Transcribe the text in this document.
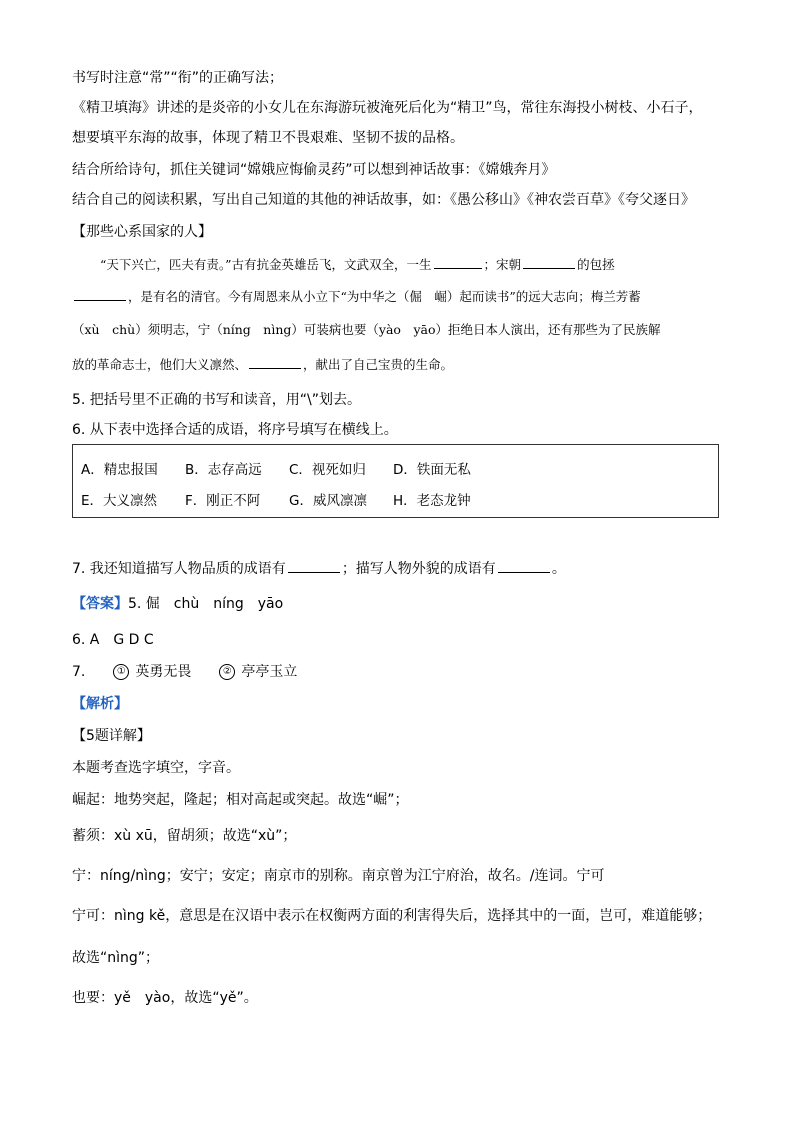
书写时注意“常”“衔”的正确写法；
《精卫填海》讲述的是炎帝的小女儿在东海游玩被淹死后化为“精卫”鸟，常往东海投小树枝、小石子，
想要填平东海的故事，体现了精卫不畏艰难、坚韧不拔的品格。
结合所给诗句，抓住关键词“嫦娥应悔偷灵药”可以想到神话故事：《嫦娥奔月》
结合自己的阅读积累，写出自己知道的其他的神话故事，如：《愚公移山》《神农尝百草》《夸父逐日》
【那些心系国家的人】
“天下兴亡，匹夫有责。”古有抗金英雄岳飞，文武双全，一生	；宋朝	的包拯
，是有名的清官。今有周恩来从小立下“为中华之（倔　崛）起而读书”的远大志向；梅兰芳蓄
（xù　chù）须明志，宁（níng　nìng）可装病也要（yào　yāo）拒绝日本人演出，还有那些为了民族解
放的革命志士，他们大义凛然、	，献出了自己宝贵的生命。
5. 把括号里不正确的书写和读音，用“\”划去。
6. 从下表中选择合适的成语，将序号填写在横线上。
A．精忠报国 B．志存高远 C．视死如归 D．铁面无私
E．大义凛然 F．刚正不阿 G．威风凛凛 H．老态龙钟
7. 我还知道描写人物品质的成语有	；描写人物外貌的成语有	。
【答案】5. 倔　chù　níng　yāo
6. A　G D C
7.	① 英勇无畏	② 亭亭玉立
【解析】
【5题详解】
本题考查选字填空，字音。
崛起：地势突起，隆起；相对高起或突起。故选“崛”；
蓄须：xù xū，留胡须；故选“xù”；
宁：níng/nìng；安宁；安定；南京市的别称。南京曾为江宁府治，故名。/连词。宁可
宁可：nìng kě，意思是在汉语中表示在权衡两方面的利害得失后，选择其中的一面，岂可，难道能够；
故选“nìng”；
也要：yě　yào，故选“yě”。
